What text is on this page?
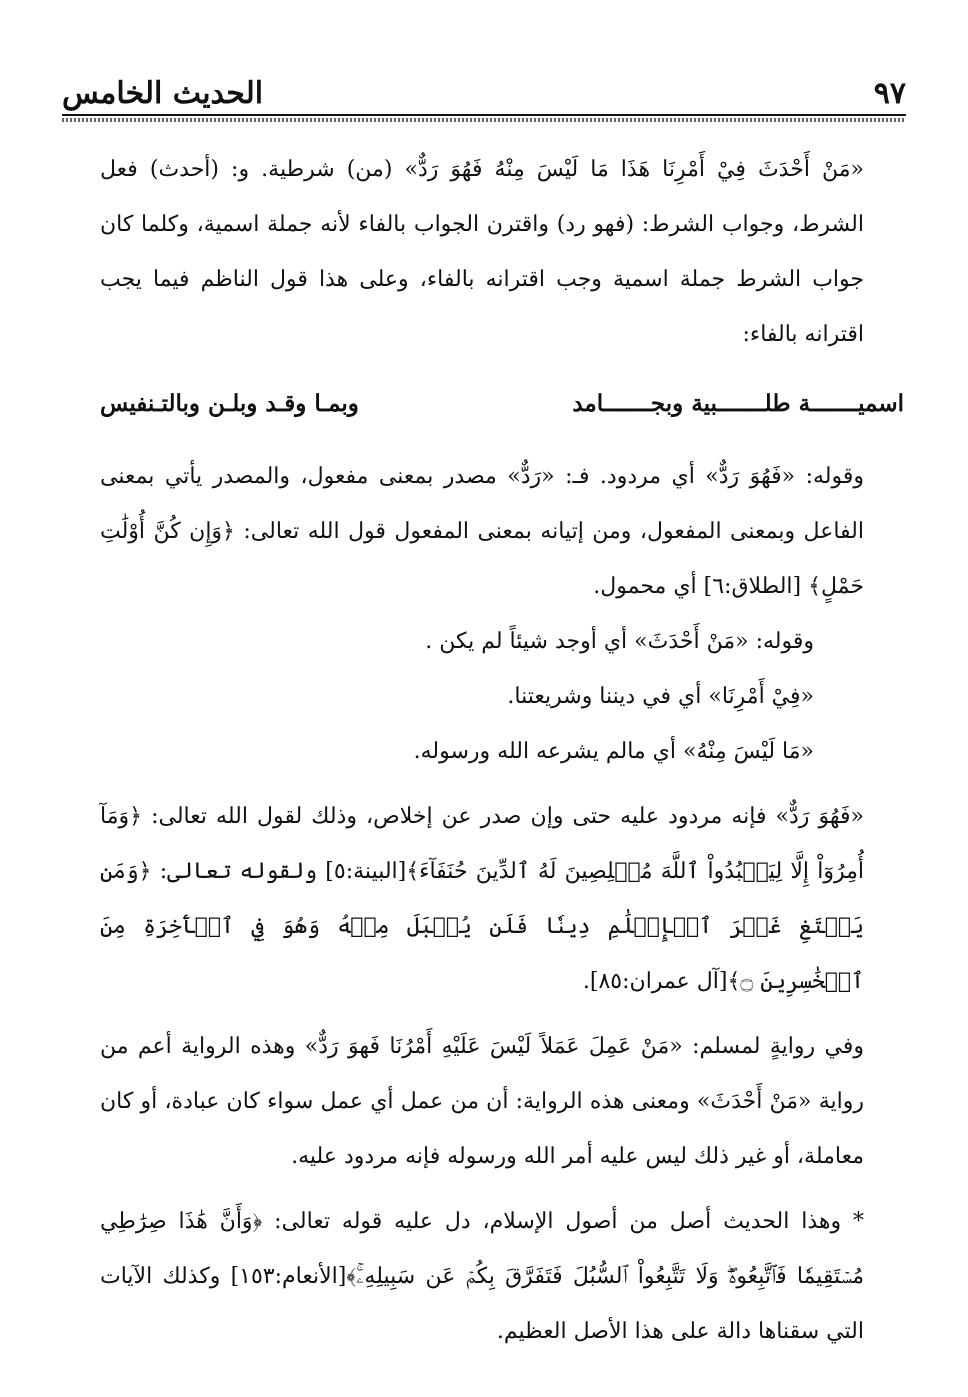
٩٧
الحديث الخامس

«مَنْ أَحْدَثَ فِيْ أَمْرِنَا هَذَا مَا لَيْسَ مِنْهُ فَهُوَ رَدٌّ» (من) شرطية. و: (أحدث) فعل الشرط، وجواب الشرط: (فهو رد) واقترن الجواب بالفاء لأنه جملة اسمية، وكلما كان جواب الشرط جملة اسمية وجب اقترانه بالفاء، وعلى هذا قول الناظم فيما يجب اقترانه بالفاء:

اسميـــــــة طلـــــــبية وبجـــــــامد
وبمـا وقـد وبلـن وبالتـنفيس

وقوله: «فَهُوَ رَدٌّ» أي مردود. فـ: «رَدٌّ» مصدر بمعنى مفعول، والمصدر يأتي بمعنى الفاعل وبمعنى المفعول، ومن إتيانه بمعنى المفعول قول الله تعالى: ﴿وَإِن كُنَّ أُوْلَٰتِ حَمْلٍ﴾ [الطلاق:٦] أي محمول.

وقوله: «مَنْ أَحْدَثَ» أي أوجد شيئاً لم يكن .

«فِيْ أَمْرِنَا» أي في ديننا وشريعتنا.

«مَا لَيْسَ مِنْهُ» أي مالم يشرعه الله ورسوله.

«فَهُوَ رَدٌّ» فإنه مردود عليه حتى وإن صدر عن إخلاص، وذلك لقول الله تعالى: ﴿وَمَآ أُمِرُوٓاْ إِلَّا لِيَعۡبُدُواْ ٱللَّهَ مُخۡلِصِينَ لَهُ ٱلدِّينَ حُنَفَآءَ﴾[البينة:٥] ولقوله تعالى: ﴿وَمَن يَبۡتَغِ غَيۡرَ ٱلۡإِسۡلَٰمِ دِينٗا فَلَن يُقۡبَلَ مِنۡهُ وَهُوَ فِي ٱلۡأٓخِرَةِ مِنَ ٱلۡخَٰسِرِينَ ۝﴾[آل عمران:٨٥].

وفي روايةٍ لمسلم: «مَنْ عَمِلَ عَمَلاً لَيْسَ عَلَيْهِ أَمْرُنَا فَهوَ رَدٌّ» وهذه الرواية أعم من رواية «مَنْ أَحْدَثَ» ومعنى هذه الرواية: أن من عمل أي عمل سواء كان عبادة، أو كان معاملة، أو غير ذلك ليس عليه أمر الله ورسوله فإنه مردود عليه.

* وهذا الحديث أصل من أصول الإسلام، دل عليه قوله تعالى: ﴿وَأَنَّ هَٰذَا صِرَٰطِي مُسۡتَقِيمٗا فَٱتَّبِعُوهُۖ وَلَا تَتَّبِعُواْ ٱلسُّبُلَ فَتَفَرَّقَ بِكُمۡ عَن سَبِيلِهِۦۚ﴾[الأنعام:١٥٣] وكذلك الآيات التي سقناها دالة على هذا الأصل العظيم.
